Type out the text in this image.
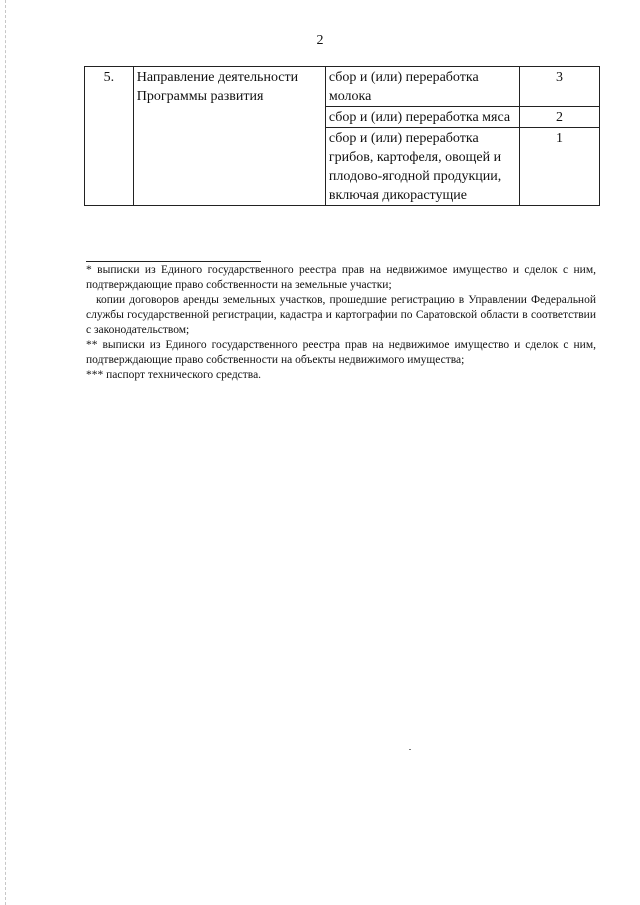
2
5.	Направление деятельности Программы развития	сбор и (или) переработка молока	3
		сбор и (или) переработка мяса	2
		сбор и (или) переработка грибов, картофеля, овощей и плодово-ягодной продукции, включая дикорастущие	1

* выписки из Единого государственного реестра прав на недвижимое имущество и сделок с ним, подтверждающие право собственности на земельные участки;

копии договоров аренды земельных участков, прошедшие регистрацию в Управлении Федеральной службы государственной регистрации, кадастра и картографии по Саратовской области в соответствии с законодательством;

** выписки из Единого государственного реестра прав на недвижимое имущество и сделок с ним, подтверждающие право собственности на объекты недвижимого имущества;

*** паспорт технического средства.
